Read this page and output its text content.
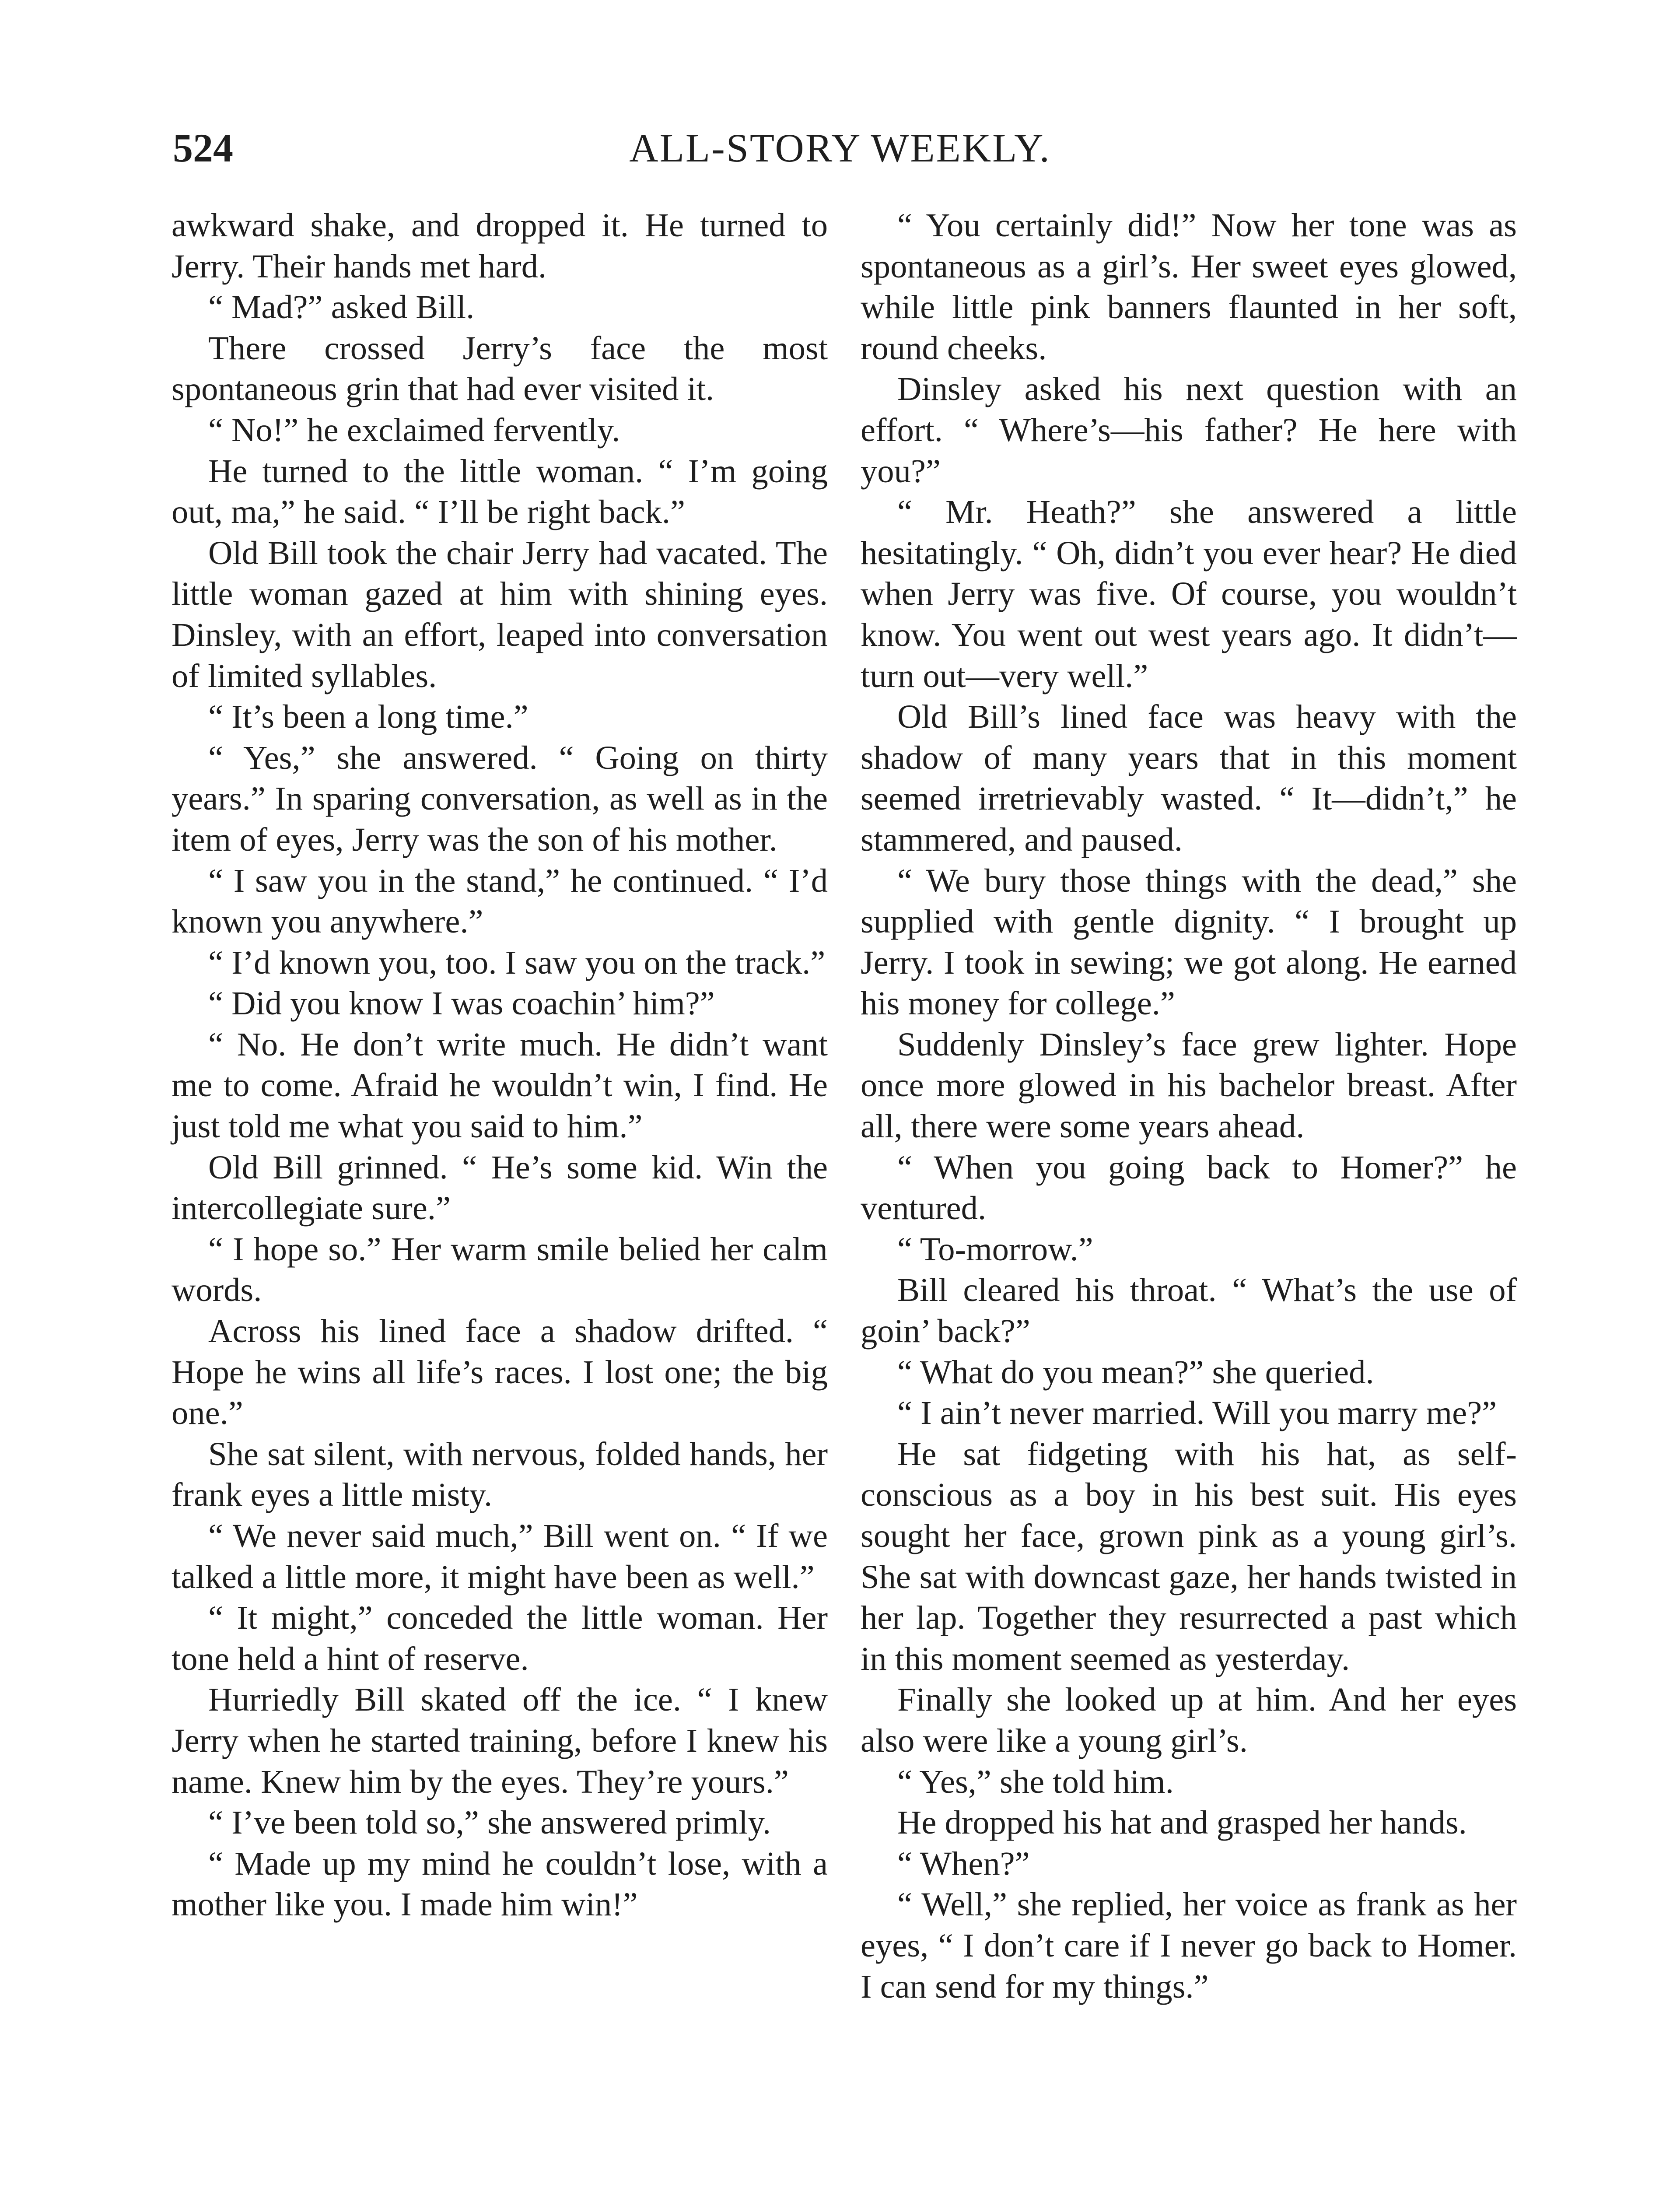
524	ALL-STORY WEEKLY.

awkward shake, and dropped it. He turned to Jerry. Their hands met hard.

“ Mad?” asked Bill.

There crossed Jerry’s face the most spontaneous grin that had ever visited it.

“ No!” he exclaimed fervently.

He turned to the little woman. “ I’m going out, ma,” he said. “ I’ll be right back.”

Old Bill took the chair Jerry had vacated. The little woman gazed at him with shining eyes. Dinsley, with an effort, leaped into conversation of limited syllables.

“ It’s been a long time.”

“ Yes,” she answered. “ Going on thirty years.” In sparing conversation, as well as in the item of eyes, Jerry was the son of his mother.

“ I saw you in the stand,” he continued. “ I’d known you anywhere.”

“ I’d known you, too. I saw you on the track.”

“ Did you know I was coachin’ him?”

“ No. He don’t write much. He didn’t want me to come. Afraid he wouldn’t win, I find. He just told me what you said to him.”

Old Bill grinned. “ He’s some kid. Win the intercollegiate sure.”

“ I hope so.” Her warm smile belied her calm words.

Across his lined face a shadow drifted. “ Hope he wins all life’s races. I lost one; the big one.”

She sat silent, with nervous, folded hands, her frank eyes a little misty.

“ We never said much,” Bill went on. “ If we talked a little more, it might have been as well.”

“ It might,” conceded the little woman. Her tone held a hint of reserve.

Hurriedly Bill skated off the ice. “ I knew Jerry when he started training, before I knew his name. Knew him by the eyes. They’re yours.”

“ I’ve been told so,” she answered primly.

“ Made up my mind he couldn’t lose, with a mother like you. I made him win!”

“ You certainly did!” Now her tone was as spontaneous as a girl’s. Her sweet eyes glowed, while little pink banners flaunted in her soft, round cheeks.

Dinsley asked his next question with an effort. “ Where’s—his father? He here with you?”

“ Mr. Heath?” she answered a little hesitatingly. “ Oh, didn’t you ever hear? He died when Jerry was five. Of course, you wouldn’t know. You went out west years ago. It didn’t—turn out—very well.”

Old Bill’s lined face was heavy with the shadow of many years that in this moment seemed irretrievably wasted. “ It—didn’t,” he stammered, and paused.

“ We bury those things with the dead,” she supplied with gentle dignity. “ I brought up Jerry. I took in sewing; we got along. He earned his money for college.”

Suddenly Dinsley’s face grew lighter. Hope once more glowed in his bachelor breast. After all, there were some years ahead.

“ When you going back to Homer?” he ventured.

“ To-morrow.”

Bill cleared his throat. “ What’s the use of goin’ back?”

“ What do you mean?” she queried.

“ I ain’t never married. Will you marry me?”

He sat fidgeting with his hat, as self-conscious as a boy in his best suit. His eyes sought her face, grown pink as a young girl’s. She sat with downcast gaze, her hands twisted in her lap. Together they resurrected a past which in this moment seemed as yesterday.

Finally she looked up at him. And her eyes also were like a young girl’s.

“ Yes,” she told him.

He dropped his hat and grasped her hands.

“ When?”

“ Well,” she replied, her voice as frank as her eyes, “ I don’t care if I never go back to Homer. I can send for my things.”
